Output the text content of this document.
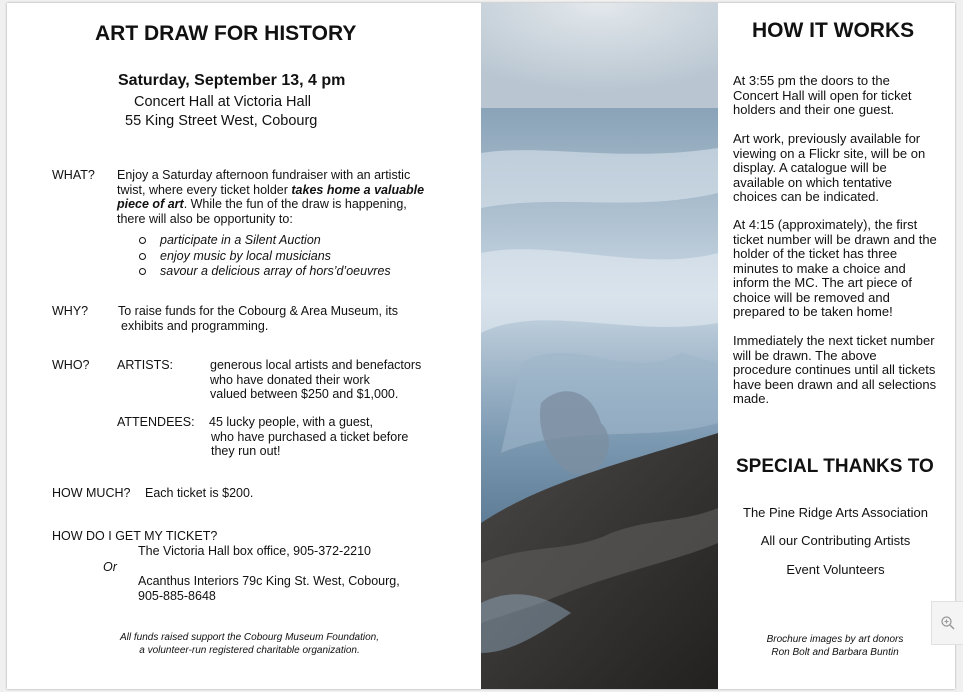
ART DRAW FOR HISTORY
Saturday, September 13, 4 pm
Concert Hall at Victoria Hall
55 King Street West, Cobourg
WHAT? Enjoy a Saturday afternoon fundraiser with an artistic
twist, where every ticket holder takes home a valuable
piece of art. While the fun of the draw is happening,
there will also be opportunity to:
participate in a Silent Auction
enjoy music by local musicians
savour a delicious array of hors’d’oeuvres
WHY? To raise funds for the Cobourg & Area Museum, its
exhibits and programming.
WHO? ARTISTS:	generous local artists and benefactors
who have donated their work
valued between $250 and $1,000.
ATTENDEES: 45 lucky people, with a guest,
who have purchased a ticket before
they run out!
HOW MUCH? Each ticket is $200.
HOW DO I GET MY TICKET?
The Victoria Hall box office, 905-372-2210
Or
Acanthus Interiors 79c King St. West, Cobourg,
905-885-8648
All funds raised support the Cobourg Museum Foundation,
a volunteer-run registered charitable organization.
HOW IT WORKS
At 3:55 pm the doors to the Concert Hall will open for ticket holders and their one guest.
Art work, previously available for viewing on a Flickr site, will be on display. A catalogue will be available on which tentative choices can be indicated.
At 4:15 (approximately), the first ticket number will be drawn and the holder of the ticket has three minutes to make a choice and inform the MC. The art piece of choice will be removed and prepared to be taken home!
Immediately the next ticket number will be drawn. The above procedure continues until all tickets have been drawn and all selections made.
SPECIAL THANKS TO
The Pine Ridge Arts Association
All our Contributing Artists
Event Volunteers
Brochure images by art donors
Ron Bolt and Barbara Buntin
